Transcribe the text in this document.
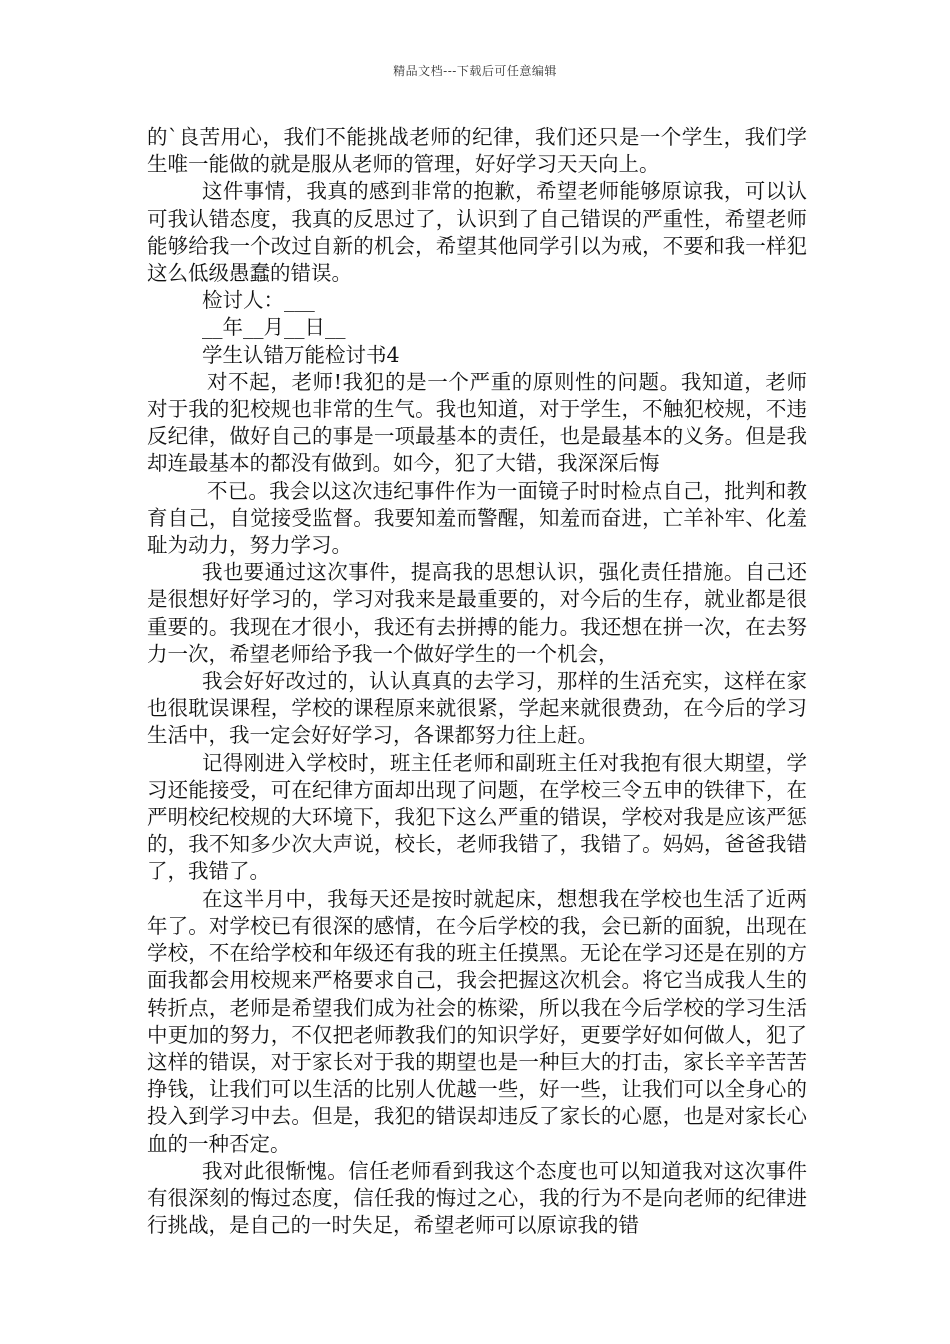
精品文档---下载后可任意编辑

的`良苦用心，我们不能挑战老师的纪律，我们还只是一个学生，我们学生唯一能做的就是服从老师的管理，好好学习天天向上。

这件事情，我真的感到非常的抱歉，希望老师能够原谅我，可以认可我认错态度，我真的反思过了，认识到了自己错误的严重性，希望老师能够给我一个改过自新的机会，希望其他同学引以为戒，不要和我一样犯这么低级愚蠢的错误。

检讨人：___

__年__月__日__

学生认错万能检讨书4

对不起，老师!我犯的是一个严重的原则性的问题。我知道，老师对于我的犯校规也非常的生气。我也知道，对于学生，不触犯校规，不违反纪律，做好自己的事是一项最基本的责任，也是最基本的义务。但是我却连最基本的都没有做到。如今，犯了大错，我深深后悔

不已。我会以这次违纪事件作为一面镜子时时检点自己，批判和教育自己，自觉接受监督。我要知羞而警醒，知羞而奋进，亡羊补牢、化羞耻为动力，努力学习。

我也要通过这次事件，提高我的思想认识，强化责任措施。自己还是很想好好学习的，学习对我来是最重要的，对今后的生存，就业都是很重要的。我现在才很小，我还有去拼搏的能力。我还想在拼一次，在去努力一次，希望老师给予我一个做好学生的一个机会，

我会好好改过的，认认真真的去学习，那样的生活充实，这样在家也很耽误课程，学校的课程原来就很紧，学起来就很费劲，在今后的学习生活中，我一定会好好学习，各课都努力往上赶。

记得刚进入学校时，班主任老师和副班主任对我抱有很大期望，学习还能接受，可在纪律方面却出现了问题，在学校三令五申的铁律下，在严明校纪校规的大环境下，我犯下这么严重的错误，学校对我是应该严惩的，我不知多少次大声说，校长，老师我错了，我错了。妈妈，爸爸我错了，我错了。

在这半月中，我每天还是按时就起床，想想我在学校也生活了近两年了。对学校已有很深的感情，在今后学校的我，会已新的面貌，出现在学校，不在给学校和年级还有我的班主任摸黑。无论在学习还是在别的方面我都会用校规来严格要求自己，我会把握这次机会。将它当成我人生的转折点，老师是希望我们成为社会的栋梁，所以我在今后学校的学习生活中更加的努力，不仅把老师教我们的知识学好，更要学好如何做人，犯了这样的错误，对于家长对于我的期望也是一种巨大的打击，家长辛辛苦苦挣钱，让我们可以生活的比别人优越一些，好一些，让我们可以全身心的投入到学习中去。但是，我犯的错误却违反了家长的心愿，也是对家长心血的一种否定。

我对此很惭愧。信任老师看到我这个态度也可以知道我对这次事件有很深刻的悔过态度，信任我的悔过之心，我的行为不是向老师的纪律进行挑战，是自己的一时失足，希望老师可以原谅我的错
